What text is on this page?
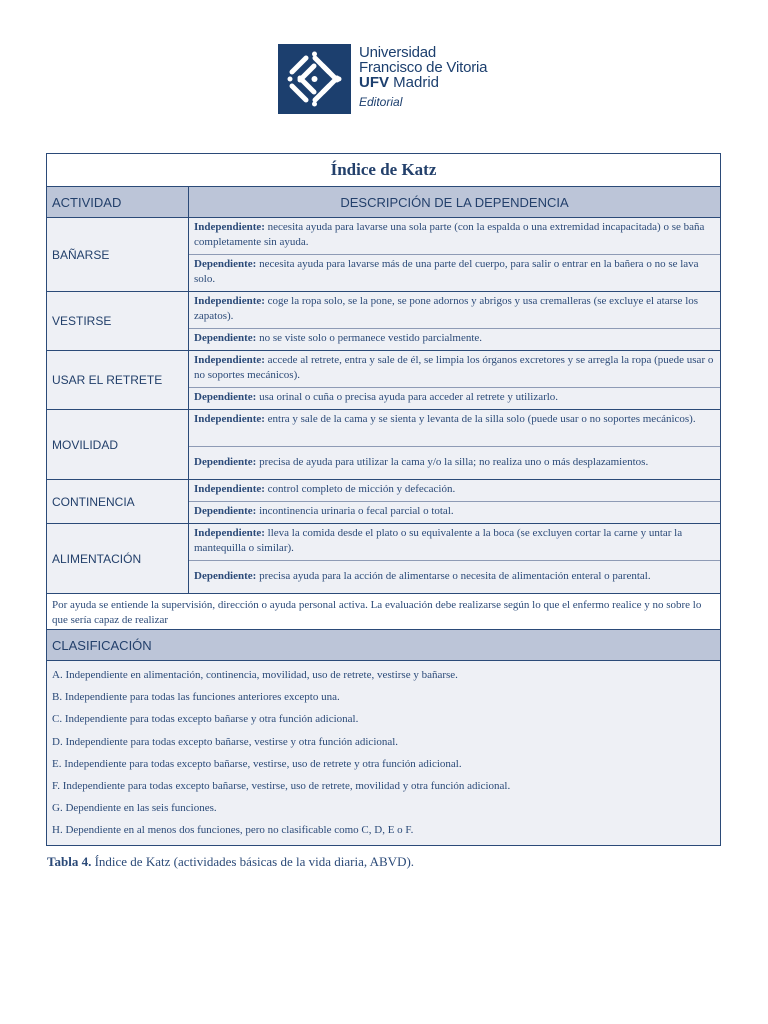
Universidad
Francisco de Vitoria
UFV Madrid
Editorial
Índice de Katz
ACTIVIDAD	DESCRIPCIÓN DE LA DEPENDENCIA
BAÑARSE
Independiente: necesita ayuda para lavarse una sola parte (con la espalda o una extremidad incapacitada) o se baña completamente sin ayuda.
Dependiente: necesita ayuda para lavarse más de una parte del cuerpo, para salir o entrar en la bañera o no se lava solo.
VESTIRSE
Independiente: coge la ropa solo, se la pone, se pone adornos y abrigos y usa cremalleras (se excluye el atarse los zapatos).
Dependiente: no se viste solo o permanece vestido parcialmente.
USAR EL RETRETE
Independiente: accede al retrete, entra y sale de él, se limpia los órganos excretores y se arregla la ropa (puede usar o no soportes mecánicos).
Dependiente: usa orinal o cuña o precisa ayuda para acceder al retrete y utilizarlo.
MOVILIDAD
Independiente: entra y sale de la cama y se sienta y levanta de la silla solo (puede usar o no soportes mecánicos).
Dependiente: precisa de ayuda para utilizar la cama y/o la silla; no realiza uno o más desplazamientos.
CONTINENCIA
Independiente: control completo de micción y defecación.
Dependiente: incontinencia urinaria o fecal parcial o total.
ALIMENTACIÓN
Independiente: lleva la comida desde el plato o su equivalente a la boca (se excluyen cortar la carne y untar la mantequilla o similar).
Dependiente: precisa ayuda para la acción de alimentarse o necesita de alimentación enteral o parental.
Por ayuda se entiende la supervisión, dirección o ayuda personal activa. La evaluación debe realizarse según lo que el enfermo realice y no sobre lo que sería capaz de realizar
CLASIFICACIÓN
A. Independiente en alimentación, continencia, movilidad, uso de retrete, vestirse y bañarse.
B. Independiente para todas las funciones anteriores excepto una.
C. Independiente para todas excepto bañarse y otra función adicional.
D. Independiente para todas excepto bañarse, vestirse y otra función adicional.
E. Independiente para todas excepto bañarse, vestirse, uso de retrete y otra función adicional.
F. Independiente para todas excepto bañarse, vestirse, uso de retrete, movilidad y otra función adicional.
G. Dependiente en las seis funciones.
H. Dependiente en al menos dos funciones, pero no clasificable como C, D, E o F.
Tabla 4. Índice de Katz (actividades básicas de la vida diaria, ABVD).
